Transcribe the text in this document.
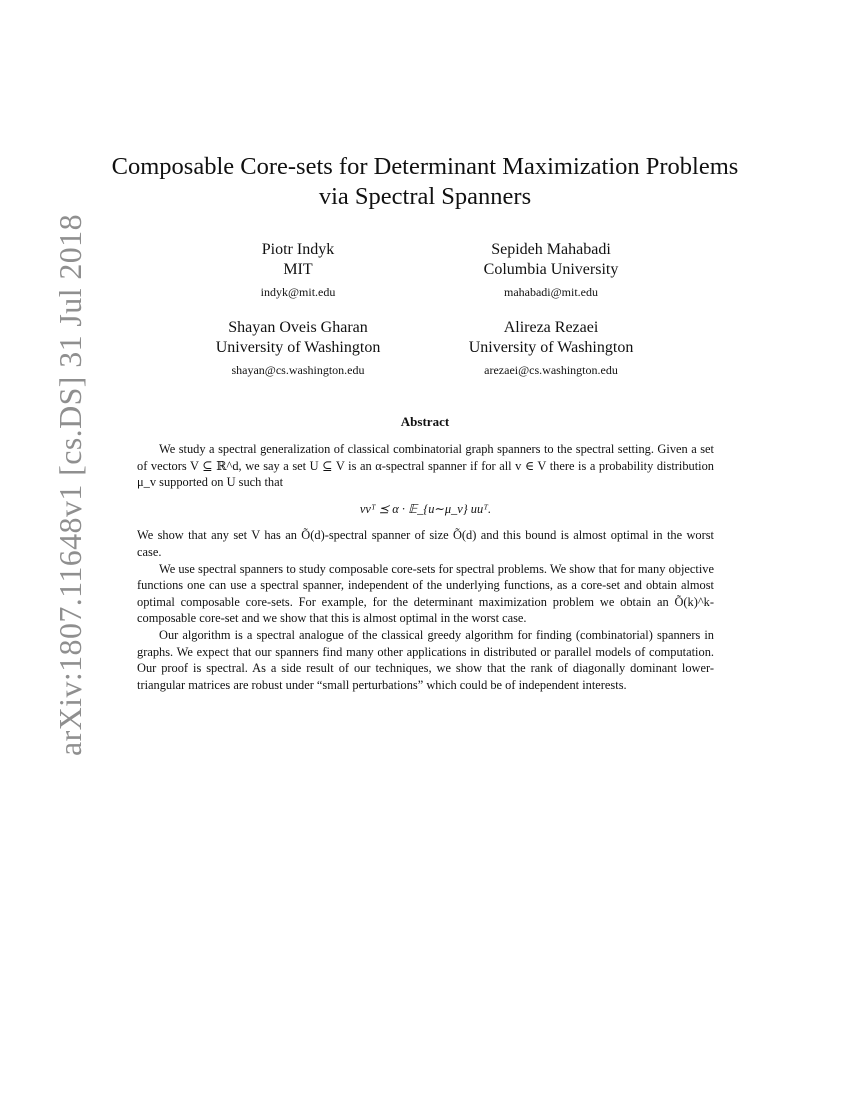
arXiv:1807.11648v1 [cs.DS] 31 Jul 2018
Composable Core-sets for Determinant Maximization Problems via Spectral Spanners
Piotr Indyk
MIT
indyk@mit.edu
Sepideh Mahabadi
Columbia University
mahabadi@mit.edu
Shayan Oveis Gharan
University of Washington
shayan@cs.washington.edu
Alireza Rezaei
University of Washington
arezaei@cs.washington.edu
Abstract

We study a spectral generalization of classical combinatorial graph spanners to the spectral setting. Given a set of vectors V ⊆ ℝ^d, we say a set U ⊆ V is an α-spectral spanner if for all v ∈ V there is a probability distribution μ_v supported on U such that

vvᵀ ⪯ α · 𝔼_{u∼μ_v} uuᵀ.

We show that any set V has an Õ(d)-spectral spanner of size Õ(d) and this bound is almost optimal in the worst case.

We use spectral spanners to study composable core-sets for spectral problems. We show that for many objective functions one can use a spectral spanner, independent of the underlying functions, as a core-set and obtain almost optimal composable core-sets. For example, for the determinant maximization problem we obtain an Õ(k)^k-composable core-set and we show that this is almost optimal in the worst case.

Our algorithm is a spectral analogue of the classical greedy algorithm for finding (combinatorial) spanners in graphs. We expect that our spanners find many other applications in distributed or parallel models of computation. Our proof is spectral. As a side result of our techniques, we show that the rank of diagonally dominant lower-triangular matrices are robust under “small perturbations” which could be of independent interests.
